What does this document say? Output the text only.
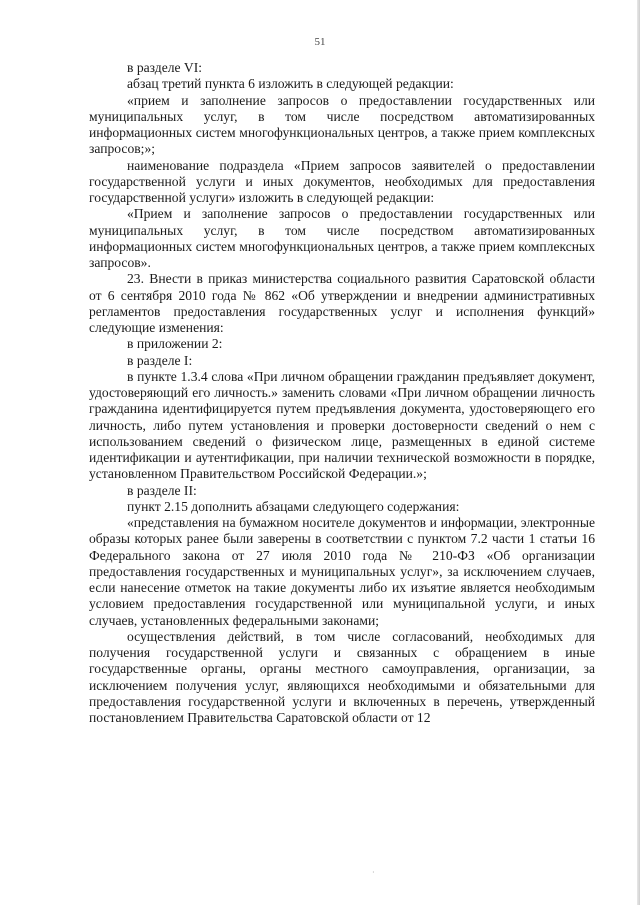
51

в разделе VI:

абзац третий пункта 6 изложить в следующей редакции:

«прием и заполнение запросов о предоставлении государственных или муниципальных услуг, в том числе посредством автоматизированных информационных систем многофункциональных центров, а также прием комплексных запросов;»;

наименование подраздела «Прием запросов заявителей о предоставлении государственной услуги и иных документов, необходимых для предоставления государственной услуги» изложить в следующей редакции:

«Прием и заполнение запросов о предоставлении государственных или муниципальных услуг, в том числе посредством автоматизированных информационных систем многофункциональных центров, а также прием комплексных запросов».

23. Внести в приказ министерства социального развития Саратовской области от 6 сентября 2010 года № 862 «Об утверждении и внедрении административных регламентов предоставления государственных услуг и исполнения функций» следующие изменения:

в приложении 2:

в разделе I:

в пункте 1.3.4 слова «При личном обращении гражданин предъявляет документ, удостоверяющий его личность.» заменить словами «При личном обращении личность гражданина идентифицируется путем предъявления документа, удостоверяющего его личность, либо путем установления и проверки достоверности сведений о нем с использованием сведений о физическом лице, размещенных в единой системе идентификации и аутентификации, при наличии технической возможности в порядке, установленном Правительством Российской Федерации.»;

в разделе II:

пункт 2.15 дополнить абзацами следующего содержания:

«представления на бумажном носителе документов и информации, электронные образы которых ранее были заверены в соответствии с пунктом 7.2 части 1 статьи 16 Федерального закона от 27 июля 2010 года № 210-ФЗ «Об организации предоставления государственных и муниципальных услуг», за исключением случаев, если нанесение отметок на такие документы либо их изъятие является необходимым условием предоставления государственной или муниципальной услуги, и иных случаев, установленных федеральными законами;

осуществления действий, в том числе согласований, необходимых для получения государственной услуги и связанных с обращением в иные государственные органы, органы местного самоуправления, организации, за исключением получения услуг, являющихся необходимыми и обязательными для предоставления государственной услуги и включенных в перечень, утвержденный постановлением Правительства Саратовской области от 12

·
